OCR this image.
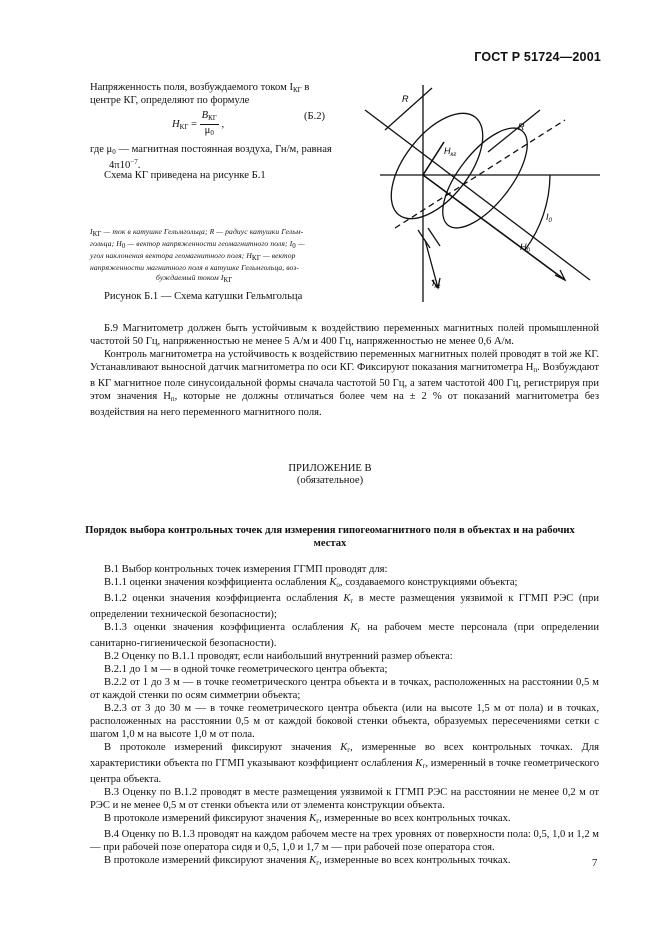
ГОСТ Р 51724—2001
Напряженность поля, возбуждаемого током $I_{КГ}$ в
центре КГ, определяют по формуле
$H_{КГ} = \frac{B_{КГ}}{\mu_0}$ ,
(Б.2)
где $\mu_0$ — магнитная постоянная воздуха, Гн/м, равная
$4\pi 10^{-7}$.
Схема КГ приведена на рисунке Б.1
$I_{КГ}$ — ток в катушке Гельмгольца; R — радиус катушки Гельм-
гольца; $H_0$ — вектор напряженности геомагнитного поля; $I_0$ —
угол наклонения вектора геомагнитного поля; $H_{КГ}$ — вектор
напряженности магнитного поля в катушке Гельмгольца, воз-
буждаемый током $I_{КГ}$
Рисунок Б.1 — Схема катушки Гельмгольца
R
R
$H_{кг}$
$I_0$
$H_0$
$I_{кг}$
Б.9 Магнитометр должен быть устойчивым к воздействию переменных магнитных полей промышленной частотой 50 Гц, напряженностью не менее 5 А/м и 400 Гц, напряженностью не менее 0,6 А/м.
Контроль магнитометра на устойчивость к воздействию переменных магнитных полей проводят в той же КГ. Устанавливают выносной датчик магнитометра по оси КГ. Фиксируют показания магнитометра $H_п$. Возбуждают в КГ магнитное поле синусоидальной формы сначала частотой 50 Гц, а затем частотой 400 Гц, регистрируя при этом значения $H_п$, которые не должны отличаться более чем на ± 2 % от показаний магнитометра без воздействия на него переменного магнитного поля.
ПРИЛОЖЕНИЕ В
(обязательное)
Порядок выбора контрольных точек для измерения гипогеомагнитного поля в объектах и на рабочих
местах
В.1 Выбор контрольных точек измерения ГГМП проводят для:
В.1.1 оценки значения коэффициента ослабления $K_о$, создаваемого конструкциями объекта;
В.1.2 оценки значения коэффициента ослабления $K_г$ в месте размещения уязвимой к ГГМП РЭС (при определении технической безопасности);
В.1.3 оценки значения коэффициента ослабления $K_г$ на рабочем месте персонала (при определении санитарно-гигиенической безопасности).
В.2 Оценку по В.1.1 проводят, если наибольший внутренний размер объекта:
В.2.1 до 1 м — в одной точке геометрического центра объекта;
В.2.2 от 1 до 3 м — в точке геометрического центра объекта и в точках, расположенных на расстоянии 0,5 м от каждой стенки по осям симметрии объекта;
В.2.3 от 3 до 30 м — в точке геометрического центра объекта (или на высоте 1,5 м от пола) и в точках, расположенных на расстоянии 0,5 м от каждой боковой стенки объекта, образуемых пересечениями сетки с шагом 1,0 м на высоте 1,0 м от пола.
В протоколе измерений фиксируют значения $K_г$, измеренные во всех контрольных точках. Для характеристики объекта по ГГМП указывают коэффициент ослабления $K_г$, измеренный в точке геометрического центра объекта.
В.3 Оценку по В.1.2 проводят в месте размещения уязвимой к ГГМП РЭС на расстоянии не менее 0,2 м от РЭС и не менее 0,5 м от стенки объекта или от элемента конструкции объекта.
В протоколе измерений фиксируют значения $K_г$, измеренные во всех контрольных точках.
В.4 Оценку по В.1.3 проводят на каждом рабочем месте на трех уровнях от поверхности пола: 0,5, 1,0 и 1,2 м — при рабочей позе оператора сидя и 0,5, 1,0 и 1,7 м — при рабочей позе оператора стоя.
В протоколе измерений фиксируют значения $K_г$, измеренные во всех контрольных точках.	7
